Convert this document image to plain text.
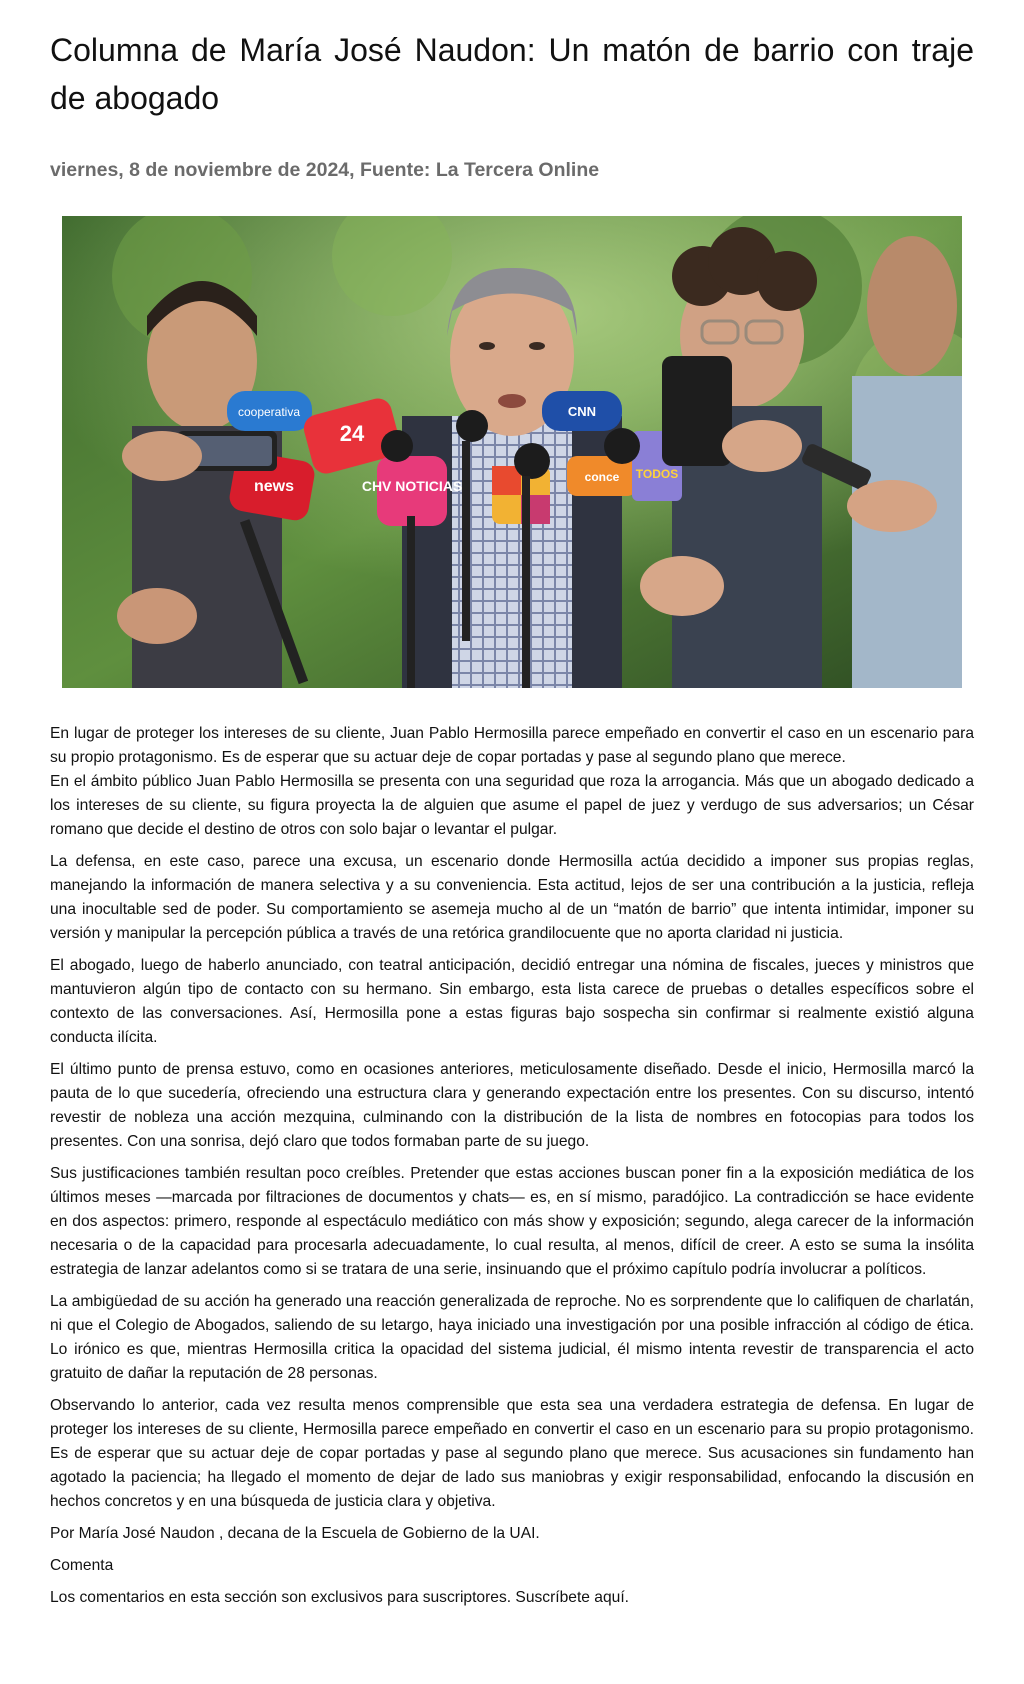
Columna de María José Naudon: Un matón de barrio con traje de abogado
viernes, 8 de noviembre de 2024, Fuente: La Tercera Online
cooperativa
24
news	CHV NOTICIAS
CNN
conce TODOS

En lugar de proteger los intereses de su cliente, Juan Pablo Hermosilla parece empeñado en convertir el caso en un escenario para su propio protagonismo. Es de esperar que su actuar deje de copar portadas y pase al segundo plano que merece.

En el ámbito público Juan Pablo Hermosilla se presenta con una seguridad que roza la arrogancia. Más que un abogado dedicado a los intereses de su cliente, su figura proyecta la de alguien que asume el papel de juez y verdugo de sus adversarios; un César romano que decide el destino de otros con solo bajar o levantar el pulgar.

La defensa, en este caso, parece una excusa, un escenario donde Hermosilla actúa decidido a imponer sus propias reglas, manejando la información de manera selectiva y a su conveniencia. Esta actitud, lejos de ser una contribución a la justicia, refleja una inocultable sed de poder. Su comportamiento se asemeja mucho al de un “matón de barrio” que intenta intimidar, imponer su versión y manipular la percepción pública a través de una retórica grandilocuente que no aporta claridad ni justicia.

El abogado, luego de haberlo anunciado, con teatral anticipación, decidió entregar una nómina de fiscales, jueces y ministros que mantuvieron algún tipo de contacto con su hermano. Sin embargo, esta lista carece de pruebas o detalles específicos sobre el contexto de las conversaciones. Así, Hermosilla pone a estas figuras bajo sospecha sin confirmar si realmente existió alguna conducta ilícita.

El último punto de prensa estuvo, como en ocasiones anteriores, meticulosamente diseñado. Desde el inicio, Hermosilla marcó la pauta de lo que sucedería, ofreciendo una estructura clara y generando expectación entre los presentes. Con su discurso, intentó revestir de nobleza una acción mezquina, culminando con la distribución de la lista de nombres en fotocopias para todos los presentes. Con una sonrisa, dejó claro que todos formaban parte de su juego.

Sus justificaciones también resultan poco creíbles. Pretender que estas acciones buscan poner fin a la exposición mediática de los últimos meses —marcada por filtraciones de documentos y chats— es, en sí mismo, paradójico. La contradicción se hace evidente en dos aspectos: primero, responde al espectáculo mediático con más show y exposición; segundo, alega carecer de la información necesaria o de la capacidad para procesarla adecuadamente, lo cual resulta, al menos, difícil de creer. A esto se suma la insólita estrategia de lanzar adelantos como si se tratara de una serie, insinuando que el próximo capítulo podría involucrar a políticos.

La ambigüedad de su acción ha generado una reacción generalizada de reproche. No es sorprendente que lo califiquen de charlatán, ni que el Colegio de Abogados, saliendo de su letargo, haya iniciado una investigación por una posible infracción al código de ética. Lo irónico es que, mientras Hermosilla critica la opacidad del sistema judicial, él mismo intenta revestir de transparencia el acto gratuito de dañar la reputación de 28 personas.

Observando lo anterior, cada vez resulta menos comprensible que esta sea una verdadera estrategia de defensa. En lugar de proteger los intereses de su cliente, Hermosilla parece empeñado en convertir el caso en un escenario para su propio protagonismo. Es de esperar que su actuar deje de copar portadas y pase al segundo plano que merece. Sus acusaciones sin fundamento han agotado la paciencia; ha llegado el momento de dejar de lado sus maniobras y exigir responsabilidad, enfocando la discusión en hechos concretos y en una búsqueda de justicia clara y objetiva.

Por María José Naudon , decana de la Escuela de Gobierno de la UAI.

Comenta

Los comentarios en esta sección son exclusivos para suscriptores. Suscríbete aquí.
